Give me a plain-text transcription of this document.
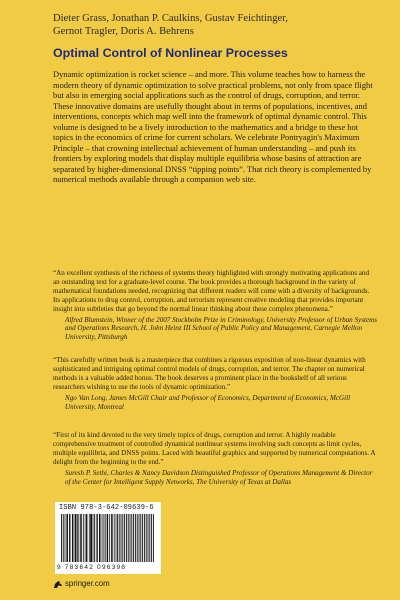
Dieter Grass, Jonathan P. Caulkins, Gustav Feichtinger,
Gernot Tragler, Doris A. Behrens
Optimal Control of Nonlinear Processes

Dynamic optimization is rocket science – and more. This volume teaches how to harness the modern theory of dynamic optimization to solve practical problems, not only from space flight but also in emerging social applications such as the control of drugs, corruption, and terror. These innovative domains are usefully thought about in terms of populations, incentives, and interventions, concepts which map well into the framework of optimal dynamic control. This volume is designed to be a lively introduction to the mathematics and a bridge to these hot topics in the economics of crime for current scholars. We celebrate Pontryagin's Maximum Principle – that crowning intellectual achievement of human understanding – and push its frontiers by exploring models that display multiple equilibria whose basins of attraction are separated by higher-dimensional DNSS “tipping points”. That rich theory is complemented by numerical methods available through a companion web site.

“An excellent synthesis of the richness of systems theory highlighted with strongly motivating applications and an outstanding text for a graduate-level course. The book provides a thorough background in the variety of mathematical foundations needed, recognizing that different readers will come with a diversity of backgrounds. Its applications to drug control, corruption, and terrorism represent creative modeling that provides important insight into subtleties that go beyond the normal linear thinking about these complex phenomena.”

Alfred Blumstein, Winner of the 2007 Stockholm Prize in Criminology, University Professor of Urban Systems and Operations Research, H. John Heinz III School of Public Policy and Management, Carnegie Mellon University, Pittsburgh

“This carefully written book is a masterpiece that combines a rigorous exposition of non-linear dynamics with sophisticated and intriguing optimal control models of drugs, corruption, and terror. The chapter on numerical methods is a valuable added bonus. The book deserves a prominent place in the bookshelf of all serious researchers wishing to use the tools of dynamic optimization.”

Ngo Van Long, James McGill Chair and Professor of Economics, Department of Economics, McGill University, Montreal

“First of its kind devoted to the very timely topics of drugs, corruption and terror. A highly readable comprehensive treatment of controlled dynamical nonlinear systems involving such concepts as limit cycles, multiple equilibria, and DNSS points. Laced with beautiful graphics and supported by numerical computations. A delight from the beginning to the end.”

Suresh P. Sethi, Charles & Nancy Davidson Distinguished Professor of Operations Management & Director of the Center for Intelligent Supply Networks, The University of Texas at Dallas

ISBN 978-3-642-09639-6
9 783642 096396
springer.com
